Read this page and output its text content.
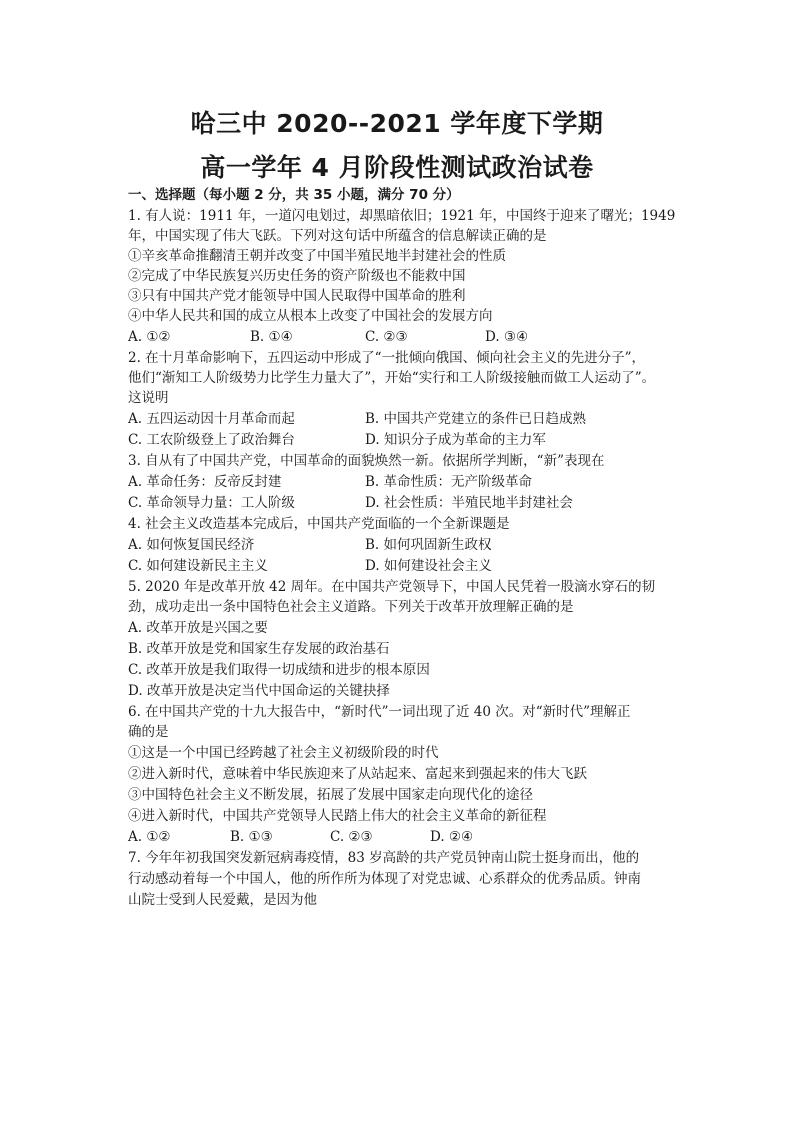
哈三中 2020--2021 学年度下学期
高一学年 4 月阶段性测试政治试卷
一、选择题（每小题 2 分，共 35 小题，满分 70 分）
1. 有人说：1911 年，一道闪电划过，却黑暗依旧；1921 年，中国终于迎来了曙光；1949
年，中国实现了伟大飞跃。下列对这句话中所蕴含的信息解读正确的是
①辛亥革命推翻清王朝并改变了中国半殖民地半封建社会的性质
②完成了中华民族复兴历史任务的资产阶级也不能救中国
③只有中国共产党才能领导中国人民取得中国革命的胜利
④中华人民共和国的成立从根本上改变了中国社会的发展方向
A. ①②	B. ①④	C. ②③	D. ③④
2. 在十月革命影响下，五四运动中形成了“一批倾向俄国、倾向社会主义的先进分子”，
他们“渐知工人阶级势力比学生力量大了”，开始“实行和工人阶级接触而做工人运动了”。
这说明
A. 五四运动因十月革命而起	B. 中国共产党建立的条件已日趋成熟
C. 工农阶级登上了政治舞台	D. 知识分子成为革命的主力军
3. 自从有了中国共产党，中国革命的面貌焕然一新。依据所学判断，“新”表现在
A. 革命任务：反帝反封建	B. 革命性质：无产阶级革命
C. 革命领导力量：工人阶级	D. 社会性质：半殖民地半封建社会
4. 社会主义改造基本完成后，中国共产党面临的一个全新课题是
A. 如何恢复国民经济	B. 如何巩固新生政权
C. 如何建设新民主主义	D. 如何建设社会主义
5. 2020 年是改革开放 42 周年。在中国共产党领导下，中国人民凭着一股滴水穿石的韧
劲，成功走出一条中国特色社会主义道路。下列关于改革开放理解正确的是
A. 改革开放是兴国之要
B. 改革开放是党和国家生存发展的政治基石
C. 改革开放是我们取得一切成绩和进步的根本原因
D. 改革开放是决定当代中国命运的关键抉择
6. 在中国共产党的十九大报告中，“新时代”一词出现了近 40 次。对“新时代”理解正
确的是
①这是一个中国已经跨越了社会主义初级阶段的时代
②进入新时代，意味着中华民族迎来了从站起来、富起来到强起来的伟大飞跃
③中国特色社会主义不断发展，拓展了发展中国家走向现代化的途径
④进入新时代，中国共产党领导人民踏上伟大的社会主义革命的新征程
A. ①②	B. ①③	C. ②③	D. ②④
7. 今年年初我国突发新冠病毒疫情，83 岁高龄的共产党员钟南山院士挺身而出，他的
行动感动着每一个中国人，他的所作所为体现了对党忠诚、心系群众的优秀品质。钟南
山院士受到人民爱戴，是因为他
